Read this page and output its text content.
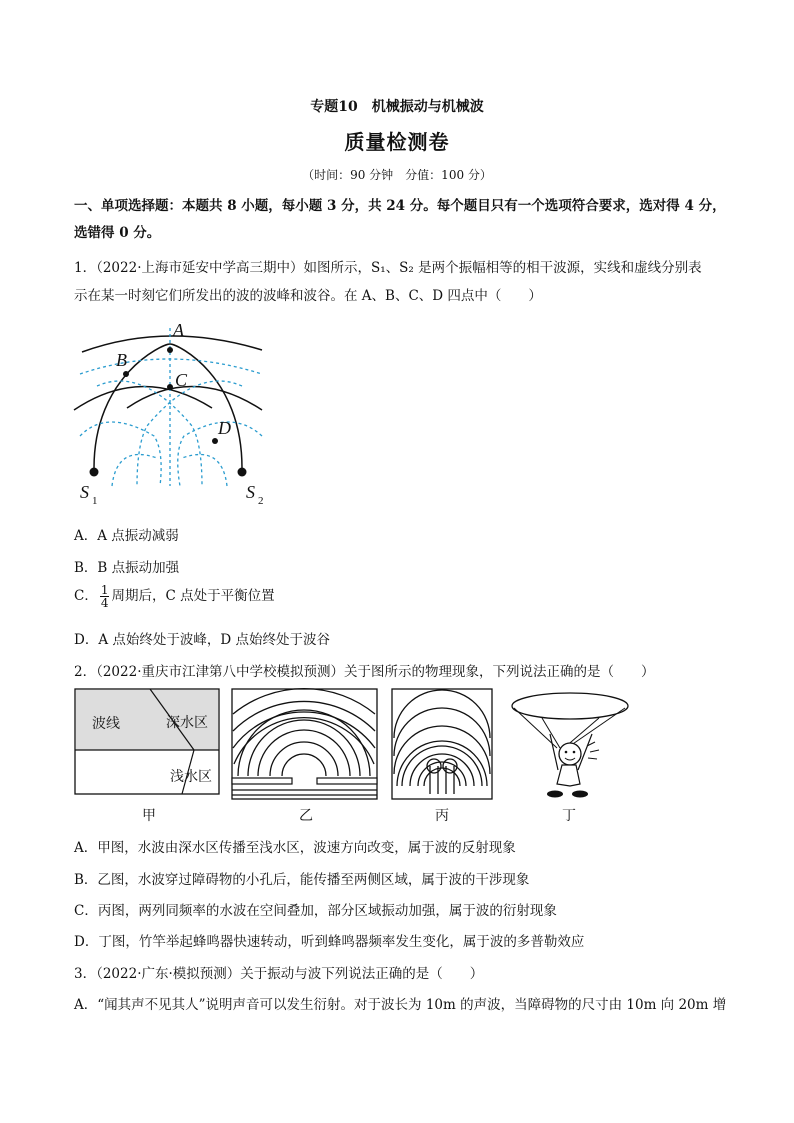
专题10　机械振动与机械波
质量检测卷
（时间：90 分钟　分值：100 分）
一、单项选择题：本题共 8 小题，每小题 3 分，共 24 分。每个题目只有一个选项符合要求，选对得 4 分，
选错得 0 分。
1．（2022·上海市延安中学高三期中）如图所示，S₁、S₂ 是两个振幅相等的相干波源，实线和虚线分别表
示在某一时刻它们所发出的波的波峰和波谷。在 A、B、C、D 四点中（　　）
A
B
C
D
S	S
1	2
A．A 点振动减弱
B．B 点振动加强
C． $\frac{1}{4}$ 周期后，C 点处于平衡位置
D．A 点始终处于波峰，D 点始终处于波谷
2．（2022·重庆市江津第八中学校模拟预测）关于图所示的物理现象，下列说法正确的是（　　）
波线	深水区
浅水区
甲	乙	丙	丁
A．甲图，水波由深水区传播至浅水区，波速方向改变，属于波的反射现象
B．乙图，水波穿过障碍物的小孔后，能传播至两侧区域，属于波的干涉现象
C．丙图，两列同频率的水波在空间叠加，部分区域振动加强，属于波的衍射现象
D．丁图，竹竿举起蜂鸣器快速转动，听到蜂鸣器频率发生变化，属于波的多普勒效应
3．（2022·广东·模拟预测）关于振动与波下列说法正确的是（　　）
A．“闻其声不见其人”说明声音可以发生衍射。对于波长为 10m 的声波，当障碍物的尺寸由 10m 向 20m 增
